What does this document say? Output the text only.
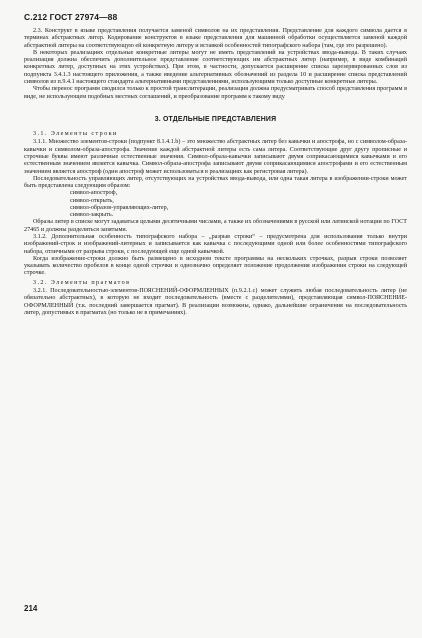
С.212 ГОСТ 27974—88

2.3. Конструкт в языке представления получается заменой символов на их представления. Представление для каждого символа дается в терминах абстрактных литер. Кодирование конструктов в языке представления для машинной обработки осуществляется заменой каждой абстрактной литеры на соответствующую ей конкретную литеру и вставкой особенностей типографского набора (там, где это разрешено).

В некоторых реализациях отдельные конкретные литеры могут не иметь представлений на устройствах ввода-вывода. В таких случаях реализация должна обеспечить дополнительное представление соответствующих им абстрактных литер (например, в виде комбинаций конкретных литер, доступных на этих устройствах). При этом, в частности, допускается расширение списка зарезервированных слов из подпункта 3.4.1.3 настоящего приложения, а также введение альтернативных обозначений из раздела 10 и расширение списка представлений символов из п.9.4.1 настоящего стандарта альтернативными представлениями, использующими только доступные конкретные литеры.

Чтобы перенос программ сводился только к простой транслитерации, реализация должна предусматривать способ представления программ в виде, не использующем подобных местных соглашений, и преобразование программ к такому виду

3. ОТДЕЛЬНЫЕ ПРЕДСТАВЛЕНИЯ
3.1. Элементы строки

3.1.1. Множество элементов-строки (подпункт 8.1.4.1.b) – это множество абстрактных литер без кавычки и апострофа, но с символом-образа-кавычки и символом-образа-апострофа. Значение каждой абстрактной литеры есть сама литера. Соответствующие друг другу прописные и строчные буквы имеют различные естественные значения. Символ-образа-кавычки записывают двумя соприкасающимися кавычками и его естественным значением является кавычка. Символ-образа-апострофа записывают двумя соприкасающимися апострофами и его естественным значением является апостроф (один апостроф может использоваться в реализациях как регистровая литера).

Последовательность управляющих литер, отсутствующих на устройствах ввода-вывода, или одна такая литера в изображении-строки может быть представлена следующим образом:

символ-апостроф,
символ-открыть,
символ-образов-управляющих-литер,
символ-закрыть.

Образы литер в списке могут задаваться целыми десятичными числами, а также их обозначениями в русской или латинской нотации по ГОСТ 27465 и должны разделяться запятыми.

3.1.2. Дополнительная особенность типографского набора – „разрыв строки“ – предусмотрена для использования только внутри изображений-строк и изображений-литерных и записывается как кавычка с последующими одной или более особенностями типографского набора, отличными от разрыва строки, с последующей еще одной кавычкой.

Когда изображение-строки должно быть размещено в исходном тексте программы на нескольких строчках, разрыв строки позволяет указывать количество пробелов в конце одной строчки и однозначно определяет положение продолжения изображения строки на следующей строчке.

3.2. Элементы прагматов

3.2.1. Последовательностью-элементов-ПОЯСНЕНИЙ-ОФОРМЛЕННЫХ (п.9.2.1.с) может служить любая последовательность литер (не обязательно абстрактных), в которую не входит последовательность (вместе с разделителями), представляющая символ-ПОЯСНЕНИЕ-ОФОРМЛЕННЫЙ (т.к. последний завершается прагмат). В реализации возможны, однако, дальнейшие ограничения на последовательность литер, допустимых в прагматах (но только не в примечаниях).

214
